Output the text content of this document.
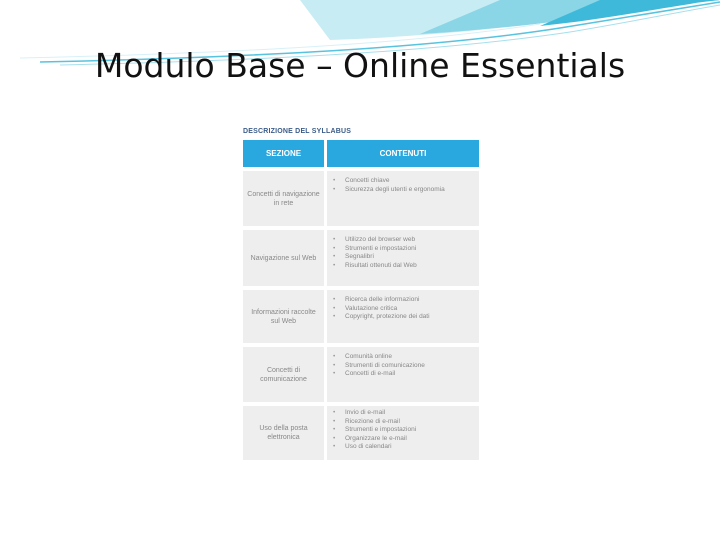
Modulo Base – Online Essentials
DESCRIZIONE DEL SYLLABUS
SEZIONE	CONTENUTI
Concetti di navigazione in rete
• Concetti chiave
• Sicurezza degli utenti e ergonomia
Navigazione sul Web
• Utilizzo del browser web
• Strumenti e impostazioni
• Segnalibri
• Risultati ottenuti dal Web
Informazioni raccolte sul Web
• Ricerca delle informazioni
• Valutazione critica
• Copyright, protezione dei dati
Concetti di comunicazione
• Comunità online
• Strumenti di comunicazione
• Concetti di e-mail
Uso della posta elettronica
• Invio di e-mail
• Ricezione di e-mail
• Strumenti e impostazioni
• Organizzare le e-mail
• Uso di calendari
